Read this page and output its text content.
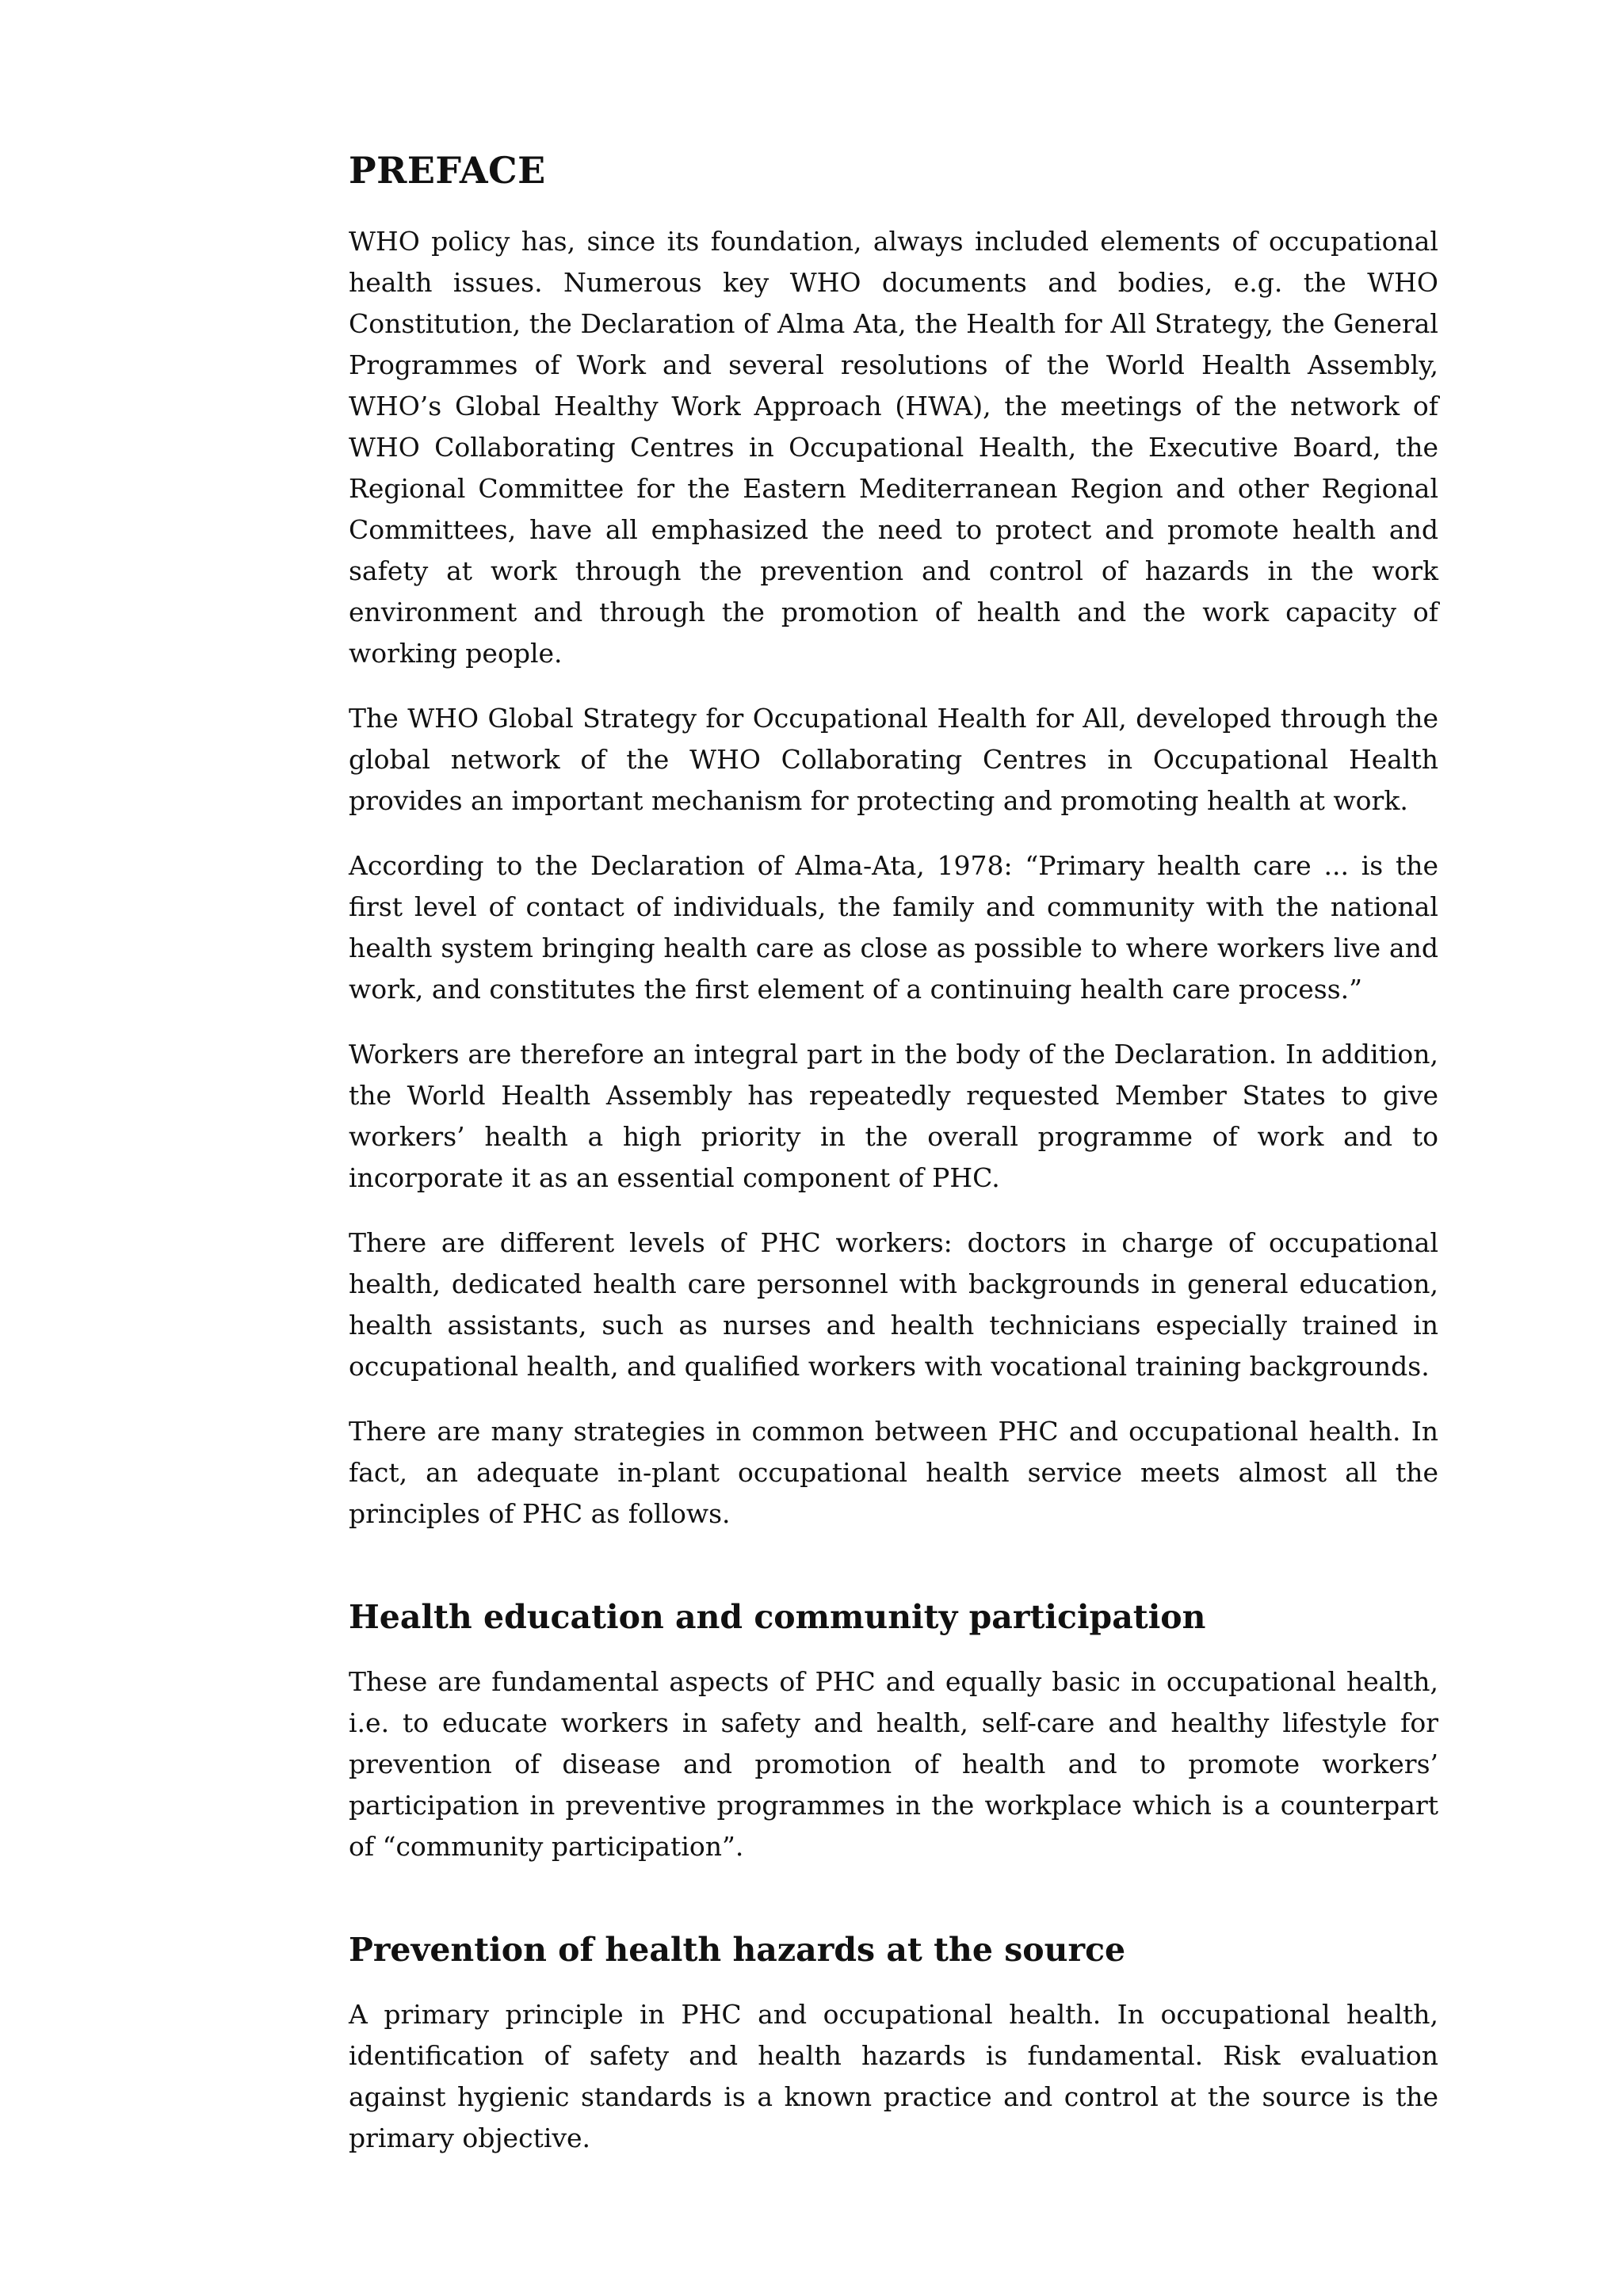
PREFACE

WHO policy has, since its foundation, always included elements of occupational health issues. Numerous key WHO documents and bodies, e.g. the WHO Constitution, the Declaration of Alma Ata, the Health for All Strategy, the General Programmes of Work and several resolutions of the World Health Assembly, WHO’s Global Healthy Work Approach (HWA), the meetings of the network of WHO Collaborating Centres in Occupational Health, the Executive Board, the Regional Committee for the Eastern Mediterranean Region and other Regional Committees, have all emphasized the need to protect and promote health and safety at work through the prevention and control of hazards in the work environment and through the promotion of health and the work capacity of working people.

The WHO Global Strategy for Occupational Health for All, developed through the global network of the WHO Collaborating Centres in Occupational Health provides an important mechanism for protecting and promoting health at work.

According to the Declaration of Alma-Ata, 1978: “Primary health care ... is the first level of contact of individuals, the family and community with the national health system bringing health care as close as possible to where workers live and work, and constitutes the first element of a continuing health care process.”

Workers are therefore an integral part in the body of the Declaration. In addition, the World Health Assembly has repeatedly requested Member States to give workers’ health a high priority in the overall programme of work and to incorporate it as an essential component of PHC.

There are different levels of PHC workers: doctors in charge of occupational health, dedicated health care personnel with backgrounds in general education, health assistants, such as nurses and health technicians especially trained in occupational health, and qualified workers with vocational training backgrounds.

There are many strategies in common between PHC and occupational health. In fact, an adequate in-plant occupational health service meets almost all the principles of PHC as follows.

Health education and community participation

These are fundamental aspects of PHC and equally basic in occupational health, i.e. to educate workers in safety and health, self-care and healthy lifestyle for prevention of disease and promotion of health and to promote workers’ participation in preventive programmes in the workplace which is a counterpart of “community participation”.

Prevention of health hazards at the source

A primary principle in PHC and occupational health. In occupational health, identification of safety and health hazards is fundamental. Risk evaluation against hygienic standards is a known practice and control at the source is the primary objective.
